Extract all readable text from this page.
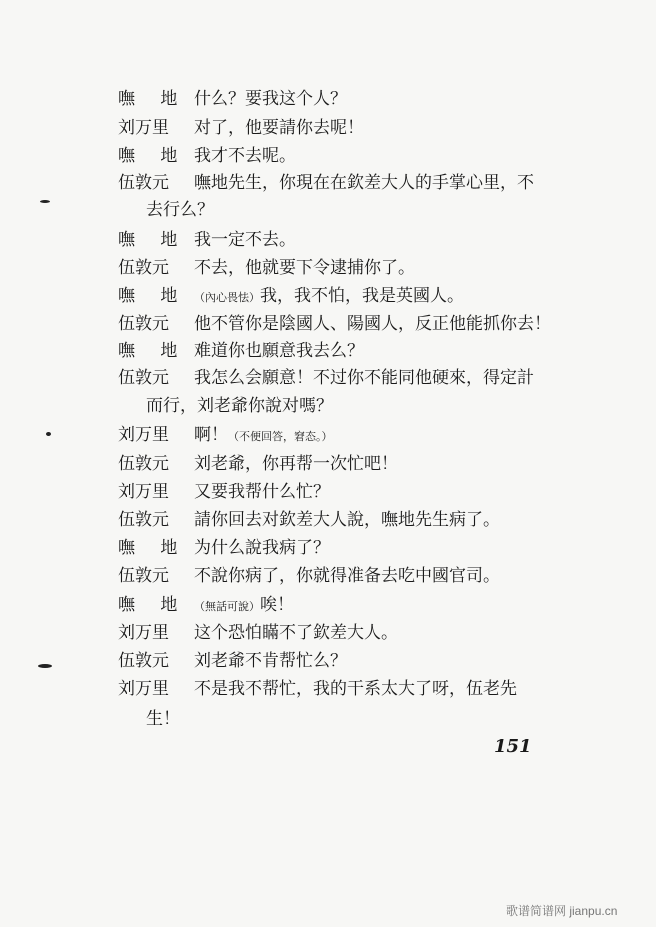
嘸 地 什么？要我这个人？
刘万里 对了，他要請你去呢！
嘸 地 我才不去呢。
伍敦元 嘸地先生，你現在在欽差大人的手掌心里，不
去行么？
嘸 地 我一定不去。
伍敦元 不去，他就要下令逮捕你了。
嘸 地 （內心畏怯）我，我不怕，我是英國人。
伍敦元 他不管你是陰國人、陽國人，反正他能抓你去！
嘸 地 难道你也願意我去么？
伍敦元 我怎么会願意！不过你不能同他硬來，得定計
而行，刘老爺你說对嗎？
刘万里 啊！（不便回答，窘态。）
伍敦元 刘老爺，你再帮一次忙吧！
刘万里 又要我帮什么忙？
伍敦元 請你回去对欽差大人說，嘸地先生病了。
嘸 地 为什么說我病了？
伍敦元 不說你病了，你就得准备去吃中國官司。
嘸 地 （無話可說）唉！
刘万里 这个恐怕瞞不了欽差大人。
伍敦元 刘老爺不肯帮忙么？
刘万里 不是我不帮忙，我的干系太大了呀，伍老先
生！
151
歌谱简谱网 jianpu.cn
